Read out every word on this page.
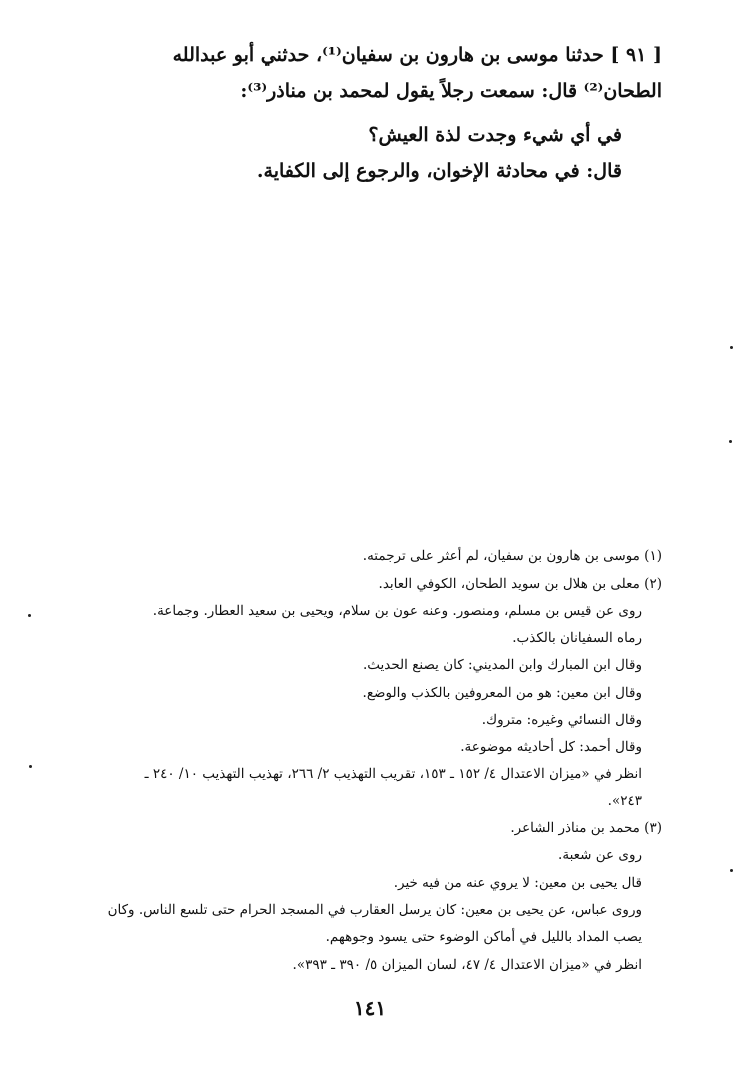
[ ٩١ ] حدثنا موسى بن هارون بن سفيان⁽¹⁾، حدثني أبو عبدالله
الطحان⁽²⁾ قال: سمعت رجلاً يقول لمحمد بن مناذر⁽³⁾:
في أي شيء وجدت لذة العيش؟
قال: في محادثة الإخوان، والرجوع إلى الكفاية.
(١) موسى بن هارون بن سفيان، لم أعثر على ترجمته.
(٢) معلى بن هلال بن سويد الطحان، الكوفي العابد.
روى عن قيس بن مسلم، ومنصور. وعنه عون بن سلام، ويحيى بن سعيد العطار. وجماعة.
رماه السفيانان بالكذب.
وقال ابن المبارك وابن المديني: كان يصنع الحديث.
وقال ابن معين: هو من المعروفين بالكذب والوضع.
وقال النسائي وغيره: متروك.
وقال أحمد: كل أحاديثه موضوعة.
انظر في «ميزان الاعتدال ٤/ ١٥٢ ـ ١٥٣، تقريب التهذيب ٢/ ٢٦٦، تهذيب التهذيب ١٠/ ٢٤٠ ـ
٢٤٣».
(٣) محمد بن مناذر الشاعر.
روى عن شعبة.
قال يحيى بن معين: لا يروي عنه من فيه خير.
وروى عباس، عن يحيى بن معين: كان يرسل العقارب في المسجد الحرام حتى تلسع الناس. وكان
يصب المداد بالليل في أماكن الوضوء حتى يسود وجوههم.
انظر في «ميزان الاعتدال ٤/ ٤٧، لسان الميزان ٥/ ٣٩٠ ـ ٣٩٣».
١٤١
